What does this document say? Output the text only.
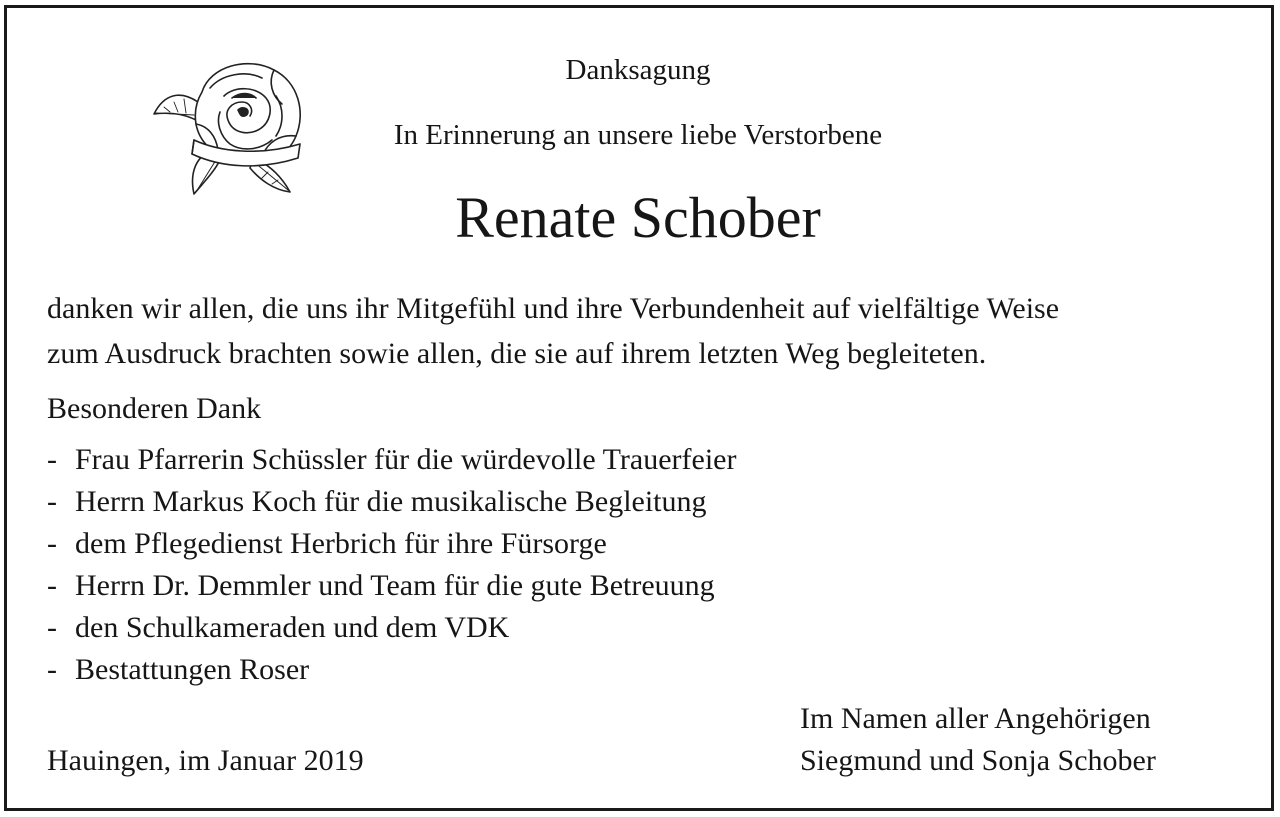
Danksagung
In Erinnerung an unsere liebe Verstorbene
Renate Schober
danken wir allen, die uns ihr Mitgefühl und ihre Verbundenheit auf vielfältige Weise
zum Ausdruck brachten sowie allen, die sie auf ihrem letzten Weg begleiteten.
Besonderen Dank
- Frau Pfarrerin Schüssler für die würdevolle Trauerfeier
- Herrn Markus Koch für die musikalische Begleitung
- dem Pflegedienst Herbrich für ihre Fürsorge
- Herrn Dr. Demmler und Team für die gute Betreuung
- den Schulkameraden und dem VDK
- Bestattungen Roser
Im Namen aller Angehörigen
Hauingen, im Januar 2019	Siegmund und Sonja Schober
